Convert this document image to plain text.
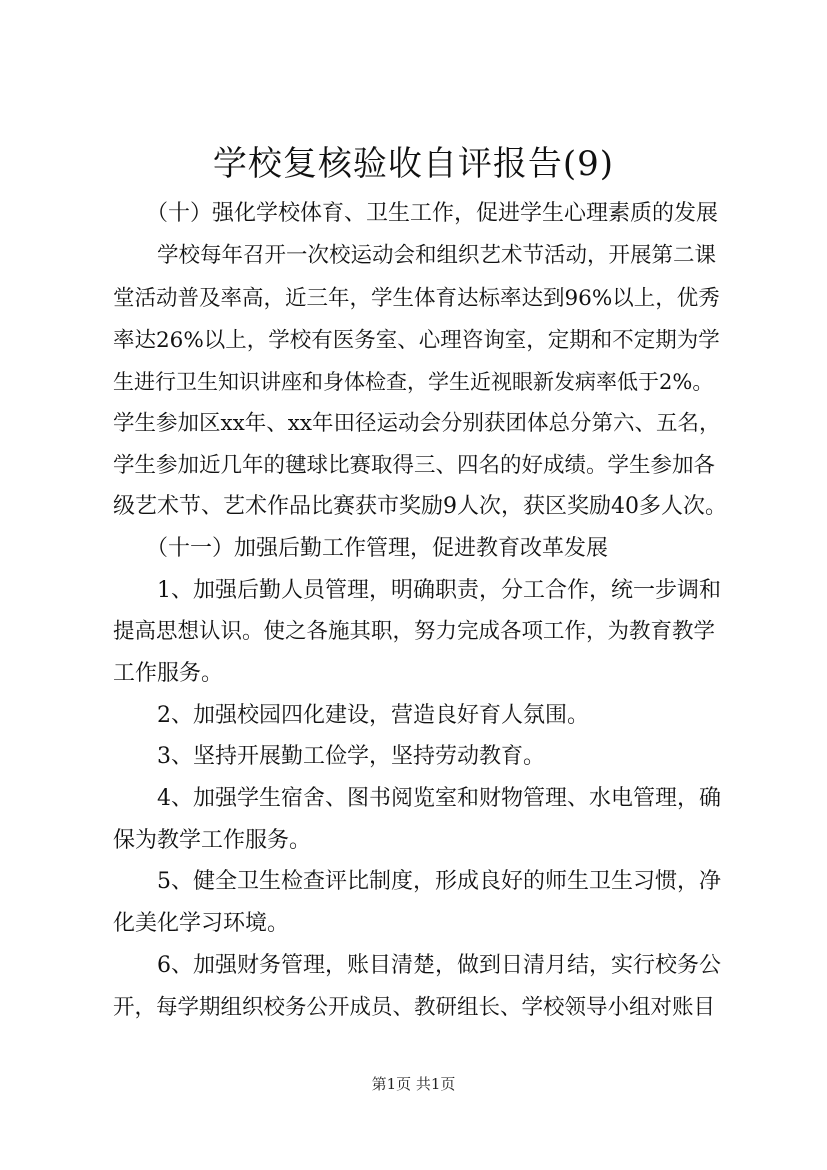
学校复核验收自评报告(9)
（十）强化学校体育、卫生工作，促进学生心理素质的发展
学校每年召开一次校运动会和组织艺术节活动，开展第二课
堂活动普及率高，近三年，学生体育达标率达到96%以上，优秀
率达26%以上，学校有医务室、心理咨询室，定期和不定期为学
生进行卫生知识讲座和身体检查，学生近视眼新发病率低于2%。
学生参加区xx年、xx年田径运动会分别获团体总分第六、五名，
学生参加近几年的毽球比赛取得三、四名的好成绩。学生参加各
级艺术节、艺术作品比赛获市奖励9人次，获区奖励40多人次。
（十一）加强后勤工作管理，促进教育改革发展
1、加强后勤人员管理，明确职责，分工合作，统一步调和
提高思想认识。使之各施其职，努力完成各项工作，为教育教学
工作服务。
2、加强校园四化建设，营造良好育人氛围。
3、坚持开展勤工俭学，坚持劳动教育。
4、加强学生宿舍、图书阅览室和财物管理、水电管理，确
保为教学工作服务。
5、健全卫生检查评比制度，形成良好的师生卫生习惯，净
化美化学习环境。
6、加强财务管理，账目清楚，做到日清月结，实行校务公
开，每学期组织校务公开成员、教研组长、学校领导小组对账目
第1页 共1页
